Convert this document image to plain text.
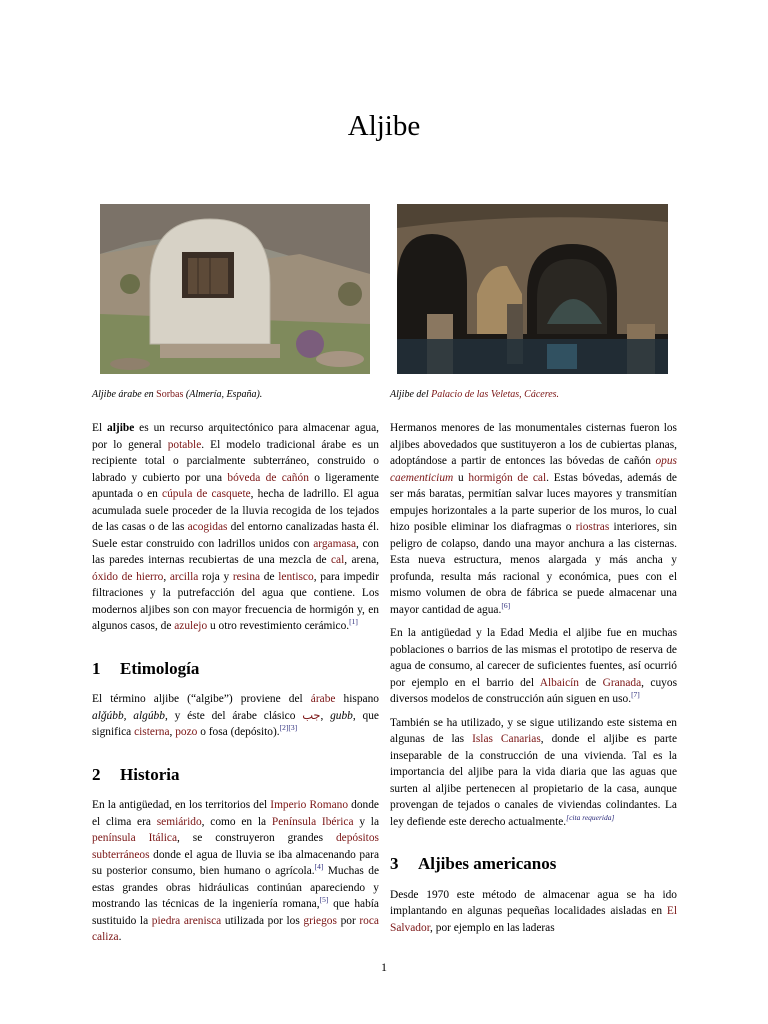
Aljibe
Aljibe árabe en Sorbas (Almería, España).	Aljibe del Palacio de las Veletas, Cáceres.

El aljibe es un recurso arquitectónico para almacenar agua, por lo general potable. El modelo tradicional árabe es un recipiente total o parcialmente subterráneo, construido o labrado y cubierto por una bóveda de cañón o ligeramente apuntada o en cúpula de casquete, hecha de ladrillo. El agua acumulada suele proceder de la lluvia recogida de los tejados de las casas o de las acogidas del entorno canalizadas hasta él. Suele estar construido con ladrillos unidos con argamasa, con las paredes internas recubiertas de una mezcla de cal, arena, óxido de hierro, arcilla roja y resina de lentisco, para impedir filtraciones y la putrefacción del agua que contiene. Los modernos aljibes son con mayor frecuencia de hormigón y, en algunos casos, de azulejo u otro revestimiento cerámico.[1]

1 Etimología

El término aljibe (“algibe”) proviene del árabe hispano alǧúbb, algúbb, y éste del árabe clásico ﺟﺐ, gubb, que significa cisterna, pozo o fosa (depósito).[2][3]

2 Historia

En la antigüedad, en los territorios del Imperio Romano donde el clima era semiárido, como en la Península Ibérica y la península Itálica, se construyeron grandes depósitos subterráneos donde el agua de lluvia se iba almacenando para su posterior consumo, bien humano o agrícola.[4] Muchas de estas grandes obras hidráulicas continúan apareciendo y mostrando las técnicas de la ingeniería romana,[5] que había sustituido la piedra arenisca utilizada por los griegos por roca caliza.

Hermanos menores de las monumentales cisternas fueron los aljibes abovedados que sustituyeron a los de cubiertas planas, adoptándose a partir de entonces las bóvedas de cañón opus caementicium u hormigón de cal. Estas bóvedas, además de ser más baratas, permitían salvar luces mayores y transmitían empujes horizontales a la parte superior de los muros, lo cual hizo posible eliminar los diafragmas o riostras interiores, sin peligro de colapso, dando una mayor anchura a las cisternas. Esta nueva estructura, menos alargada y más ancha y profunda, resulta más racional y económica, pues con el mismo volumen de obra de fábrica se puede almacenar una mayor cantidad de agua.[6]

En la antigüedad y la Edad Media el aljibe fue en muchas poblaciones o barrios de las mismas el prototipo de reserva de agua de consumo, al carecer de suficientes fuentes, así ocurrió por ejemplo en el barrio del Albaicín de Granada, cuyos diversos modelos de construcción aún siguen en uso.[7]

También se ha utilizado, y se sigue utilizando este sistema en algunas de las Islas Canarias, donde el aljibe es parte inseparable de la construcción de una vivienda. Tal es la importancia del aljibe para la vida diaria que las aguas que surten al aljibe pertenecen al propietario de la casa, aunque provengan de tejados o canales de viviendas colindantes. La ley defiende este derecho actualmente.[cita requerida]

3 Aljibes americanos

Desde 1970 este método de almacenar agua se ha ido implantando en algunas pequeñas localidades aisladas en El Salvador, por ejemplo en las laderas

1
